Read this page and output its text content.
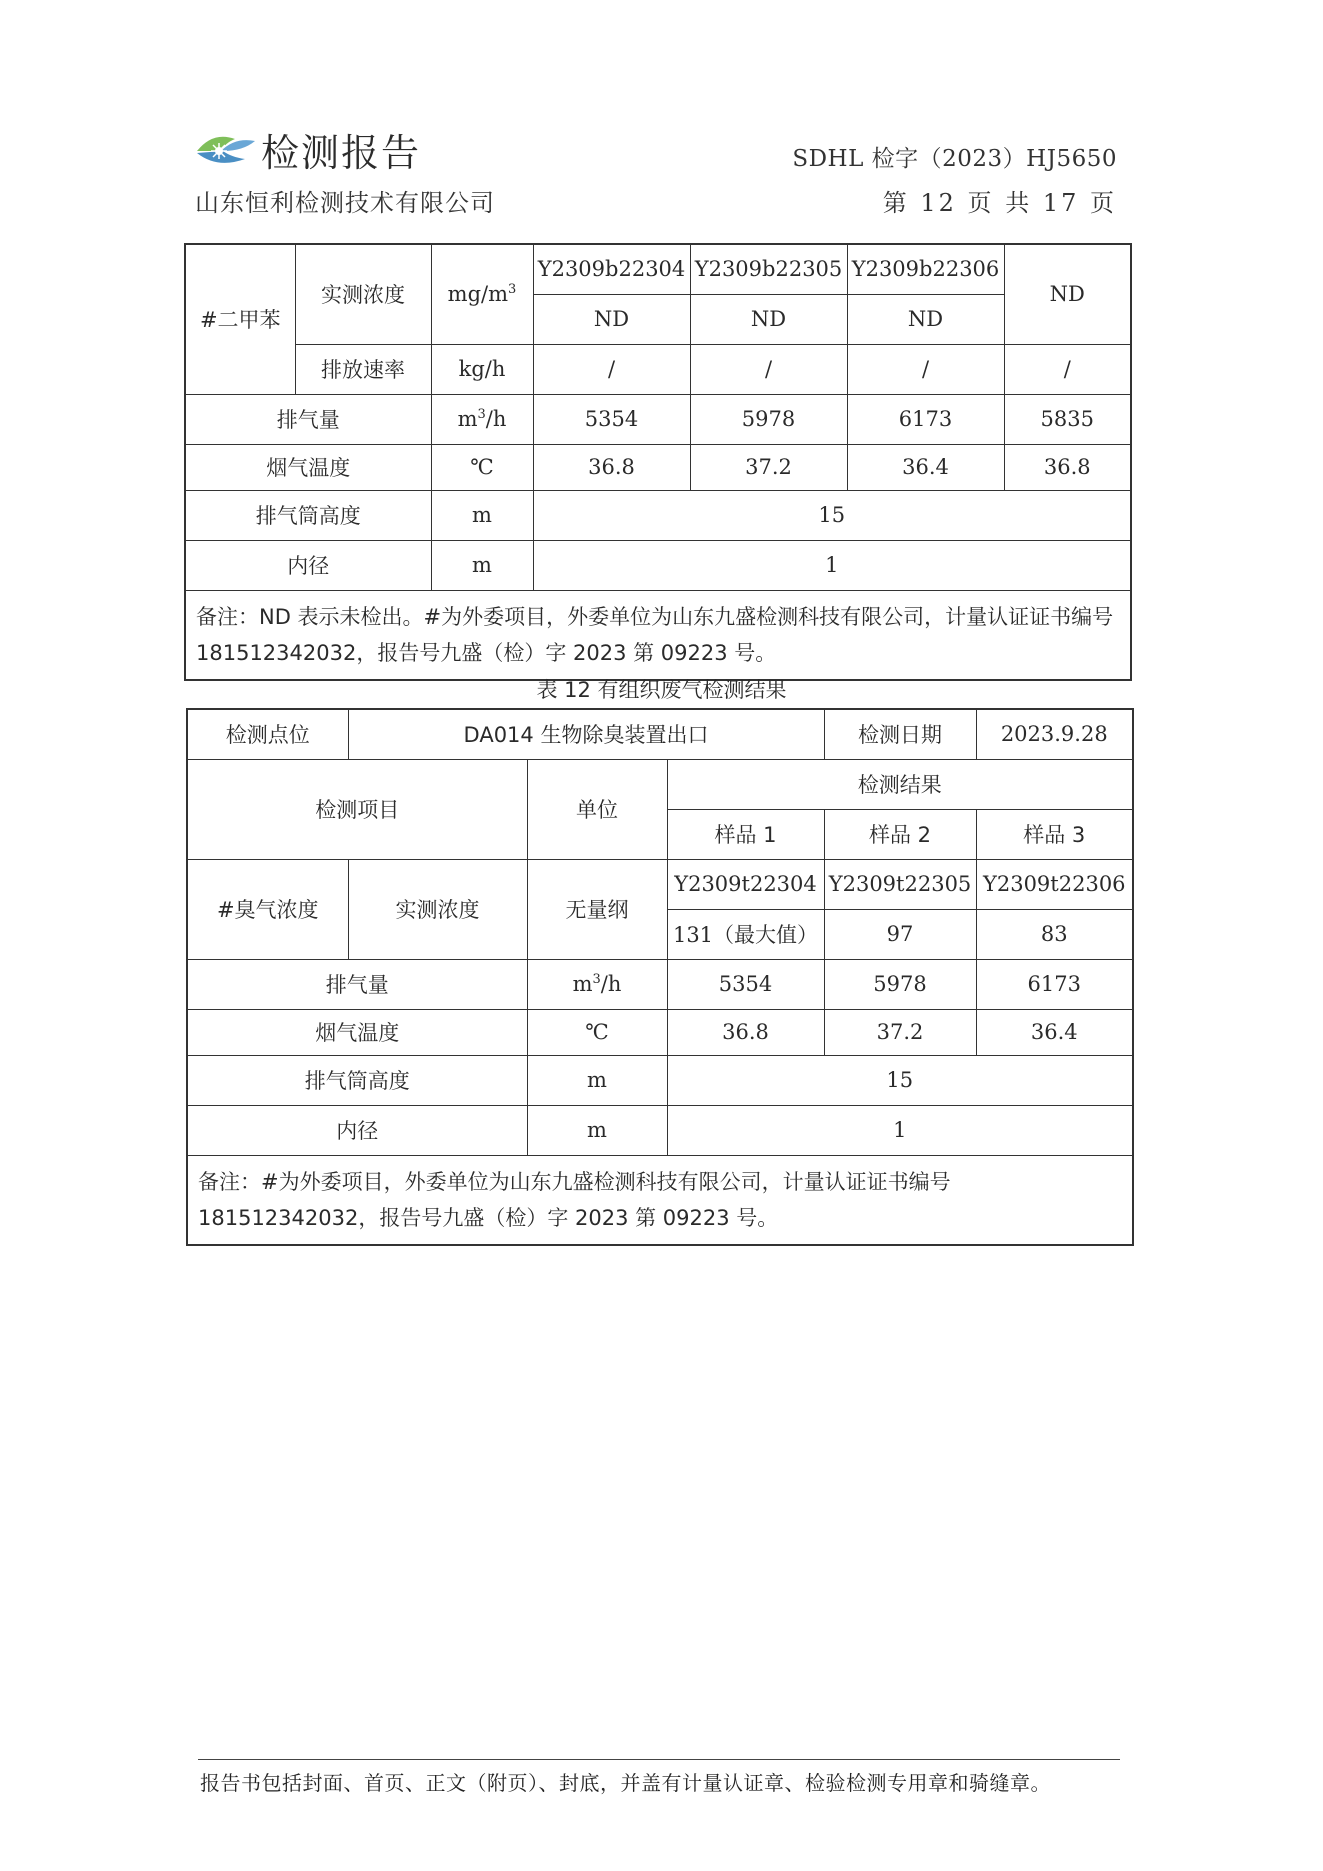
检测报告
山东恒利检测技术有限公司
SDHL 检字（2023）HJ5650
第 12 页 共 17 页
#二甲苯	实测浓度	$mg/m^3$	Y2309b22304	Y2309b22305	Y2309b22306	ND
			ND	ND	ND	
	排放速率	kg/h	/	/	/	/
排气量		$m^3/h$	5354	5978	6173	5835
烟气温度		℃	36.8	37.2	36.4	36.8
排气筒高度		m	15			
内径		m	1			
备注：ND 表示未检出。#为外委项目，外委单位为山东九盛检测科技有限公司，计量认证证书编号 181512342032，报告号九盛（检）字 2023 第 09223 号。						
表 12 有组织废气检测结果
检测点位	DA014 生物除臭装置出口			检测日期	2023.9.28
检测项目		单位	检测结果		
			样品 1	样品 2	样品 3
#臭气浓度	实测浓度	无量纲	Y2309t22304	Y2309t22305	Y2309t22306
			131（最大值）	97	83
排气量		$m^3/h$	5354	5978	6173
烟气温度		℃	36.8	37.2	36.4
排气筒高度		m	15		
内径		m	1		
备注：#为外委项目，外委单位为山东九盛检测科技有限公司，计量认证证书编号 181512342032，报告号九盛（检）字 2023 第 09223 号。					
报告书包括封面、首页、正文（附页）、封底，并盖有计量认证章、检验检测专用章和骑缝章。
